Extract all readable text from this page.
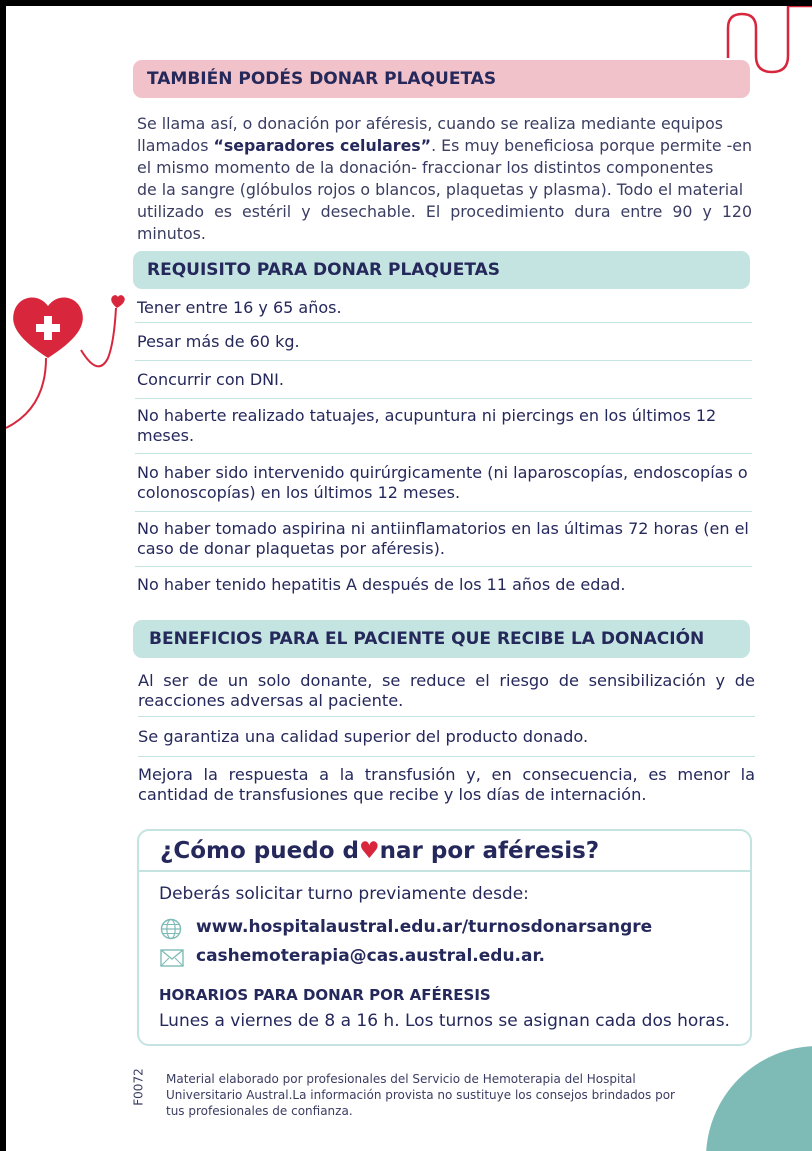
TAMBIÉN PODÉS DONAR PLAQUETAS
Se llama así, o donación por aféresis, cuando se realiza mediante equipos
llamados “separadores celulares”. Es muy beneficiosa porque permite -en
el mismo momento de la donación- fraccionar los distintos componentes
de la sangre (glóbulos rojos o blancos, plaquetas y plasma). Todo el material
utilizado es estéril y desechable. El procedimiento dura entre 90 y 120 minutos.
REQUISITO PARA DONAR PLAQUETAS
Tener entre 16 y 65 años.
Pesar más de 60 kg.
Concurrir con DNI.
No haberte realizado tatuajes, acupuntura ni piercings en los últimos 12 meses.
No haber sido intervenido quirúrgicamente (ni laparoscopías, endoscopías o colonoscopías) en los últimos 12 meses.
No haber tomado aspirina ni antiinflamatorios en las últimas 72 horas (en el caso de donar plaquetas por aféresis).
No haber tenido hepatitis A después de los 11 años de edad.
BENEFICIOS PARA EL PACIENTE QUE RECIBE LA DONACIÓN
Al ser de un solo donante, se reduce el riesgo de sensibilización y de reacciones adversas al paciente.
Se garantiza una calidad superior del producto donado.
Mejora la respuesta a la transfusión y, en consecuencia, es menor la cantidad de transfusiones que recibe y los días de internación.
¿Cómo puedo d♥nar por aféresis?
Deberás solicitar turno previamente desde:
www.hospitalaustral.edu.ar/turnosdonarsangre
cashemoterapia@cas.austral.edu.ar.
HORARIOS PARA DONAR POR AFÉRESIS
Lunes a viernes de 8 a 16 h. Los turnos se asignan cada dos horas.
F0072 Material elaborado por profesionales del Servicio de Hemoterapia del Hospital Universitario Austral.La información provista no sustituye los consejos brindados por tus profesionales de confianza.
